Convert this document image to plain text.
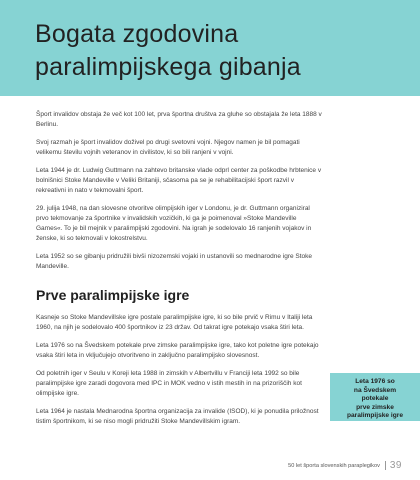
Bogata zgodovina
paralimpijskega gibanja

Šport invalidov obstaja že več kot 100 let, prva športna društva za gluhe so obstajala že leta 1888 v Berlinu.

Svoj razmah je šport invalidov doživel po drugi svetovni vojni. Njegov namen je bil pomagati velikemu številu vojnih veteranov in civilistov, ki so bili ranjeni v vojni.

Leta 1944 je dr. Ludwig Guttmann na zahtevo britanske vlade odprl center za poškodbe hrbtenice v bolnišnici Stoke Mandeville v Veliki Britaniji, sčasoma pa se je rehabilitacijski šport razvil v rekreativni in nato v tekmovalni šport.

29. julija 1948, na dan slovesne otvoritve olimpijskih iger v Londonu, je dr. Guttmann organiziral prvo tekmovanje za športnike v invalidskih vozičkih, ki ga je poimenoval »Stoke Mandeville Games«. To je bil mejnik v paralimpijski zgodovini. Na igrah je sodelovalo 16 ranjenih vojakov in ženske, ki so tekmovali v lokostrelstvu.

Leta 1952 so se gibanju pridružili bivši nizozemski vojaki in ustanovili so mednarodne igre Stoke Mandeville.

Prve paralimpijske igre

Kasneje so Stoke Mandevillske igre postale paralimpijske igre, ki so bile prvič v Rimu v Italiji leta 1960, na njih je sodelovalo 400 športnikov iz 23 držav. Od takrat igre potekajo vsaka štiri leta.

Leta 1976 so na Švedskem potekale prve zimske paralimpijske igre, tako kot poletne igre potekajo vsaka štiri leta in vključujejo otvoritveno in zaključno paralimpijsko slovesnost.

Od poletnih iger v Seulu v Koreji leta 1988 in zimskih v Albertvillu v Franciji leta 1992 so bile paralimpijske igre zaradi dogovora med IPC in MOK vedno v istih mestih in na prizoriščih kot olimpijske igre.

Leta 1964 je nastala Mednarodna športna organizacija za invalide (ISOD), ki je ponudila priložnost tistim športnikom, ki se niso mogli pridružiti Stoke Mandevillskim igram.

Leta 1976 so
na Švedskem
potekale
prve zimske
paralimpijske igre
50 let športa slovenskih paraplegikov 39
